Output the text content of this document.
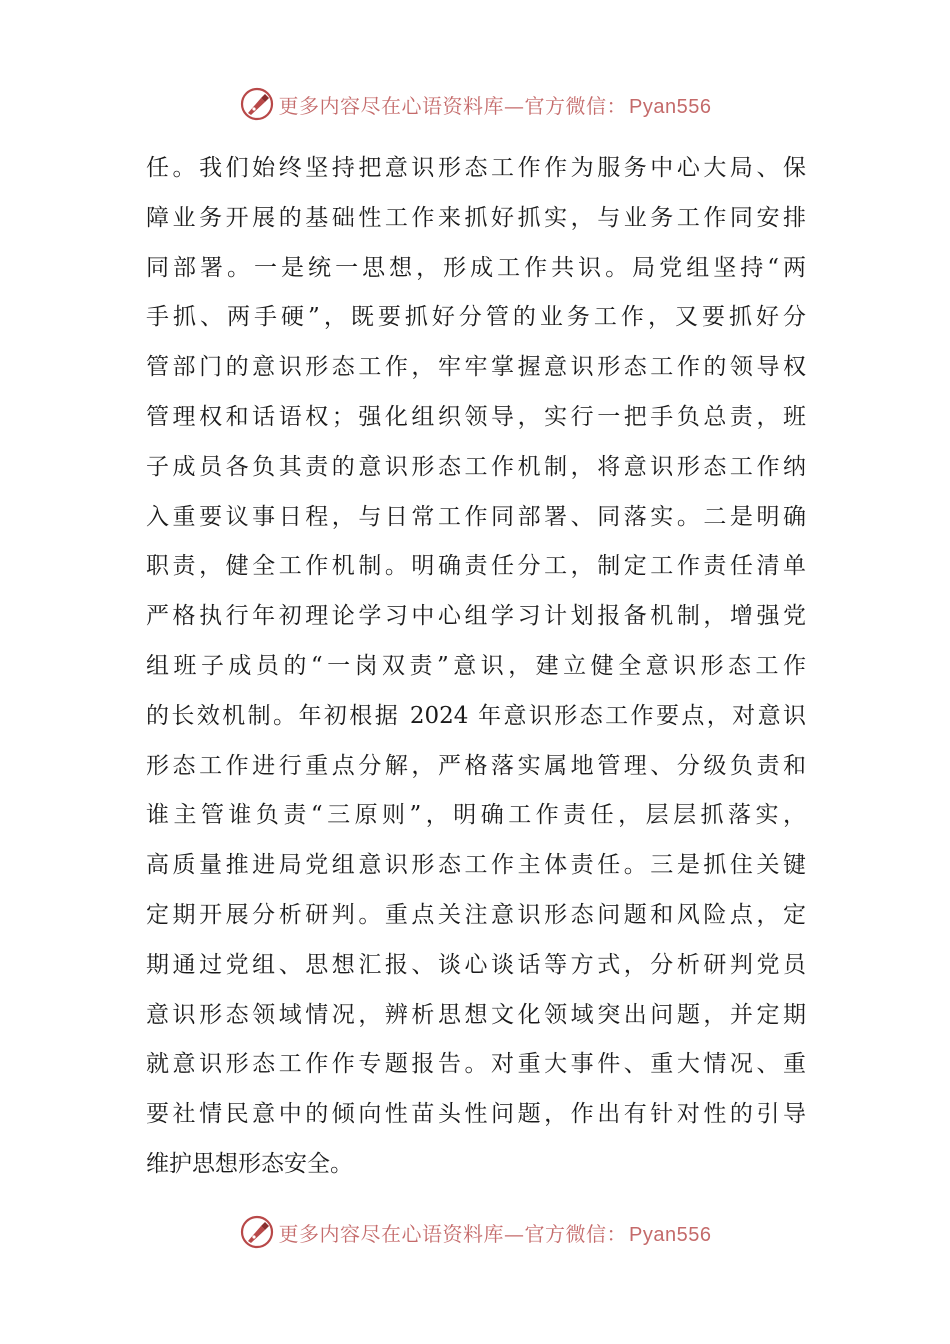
更多内容尽在心语资料库—官方微信： Pyan556
任。我们始终坚持把意识形态工作作为服务中心大局、保
障业务开展的基础性工作来抓好抓实，与业务工作同安排
同部署。一是统一思想，形成工作共识。局党组坚持“两
手抓、两手硬”，既要抓好分管的业务工作，又要抓好分
管部门的意识形态工作，牢牢掌握意识形态工作的领导权
管理权和话语权；强化组织领导，实行一把手负总责，班
子成员各负其责的意识形态工作机制，将意识形态工作纳
入重要议事日程，与日常工作同部署、同落实。二是明确
职责，健全工作机制。明确责任分工，制定工作责任清单
严格执行年初理论学习中心组学习计划报备机制，增强党
组班子成员的“一岗双责”意识，建立健全意识形态工作
的长效机制。年初根据 2024 年意识形态工作要点，对意识
形态工作进行重点分解，严格落实属地管理、分级负责和
谁主管谁负责“三原则”，明确工作责任，层层抓落实，
高质量推进局党组意识形态工作主体责任。三是抓住关键
定期开展分析研判。重点关注意识形态问题和风险点，定
期通过党组、思想汇报、谈心谈话等方式，分析研判党员
意识形态领域情况，辨析思想文化领域突出问题，并定期
就意识形态工作作专题报告。对重大事件、重大情况、重
要社情民意中的倾向性苗头性问题，作出有针对性的引导
维护思想形态安全。
更多内容尽在心语资料库—官方微信： Pyan556
